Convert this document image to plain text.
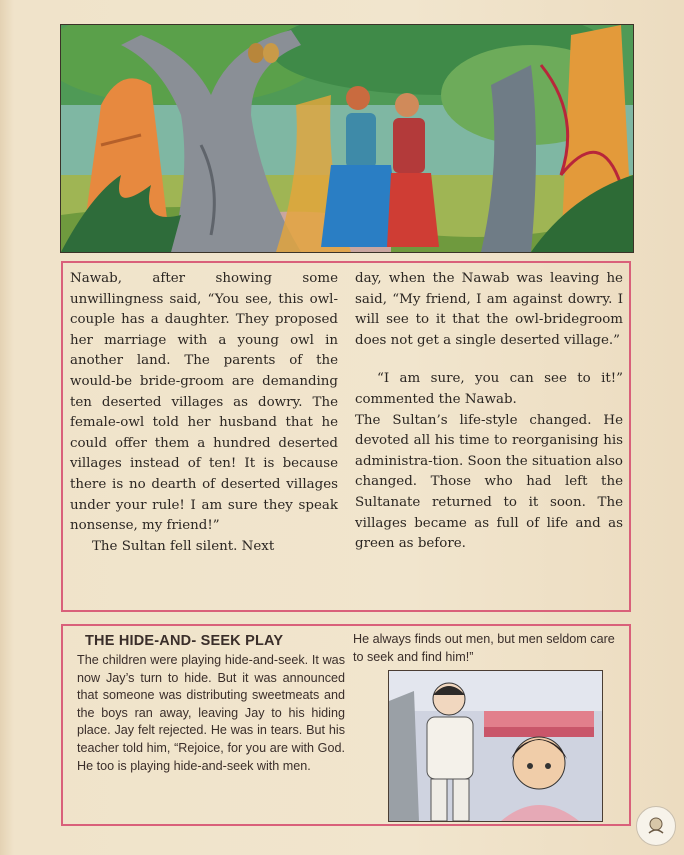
Nawab, after showing some unwillingness said, “You see, this owl-couple has a daughter. They proposed her marriage with a young owl in another land. The parents of the would-be bride-groom are demanding ten deserted villages as dowry. The female-owl told her husband that he could offer them a hundred deserted villages instead of ten! It is because there is no dearth of deserted villages under your rule! I am sure they speak nonsense, my friend!”

The Sultan fell silent. Next

day, when the Nawab was leaving he said, “My friend, I am against dowry. I will see to it that the owl-bridegroom does not get a single deserted village.”

“I am sure, you can see to it!” commented the Nawab.

The Sultan’s life-style changed. He devoted all his time to reorganising his administra-tion. Soon the situation also changed. Those who had left the Sultanate returned to it soon. The villages became as full of life and as green as before.

THE HIDE-AND- SEEK PLAY
The children were playing hide-and-seek. It was now Jay’s turn to hide. But it was announced that someone was distributing sweetmeats and the boys ran away, leaving Jay to his hiding place. Jay felt rejected. He was in tears. But his teacher told him, “Rejoice, for you are with God. He too is playing hide-and-seek with men.
He always finds out men, but men seldom care to seek and find him!”
